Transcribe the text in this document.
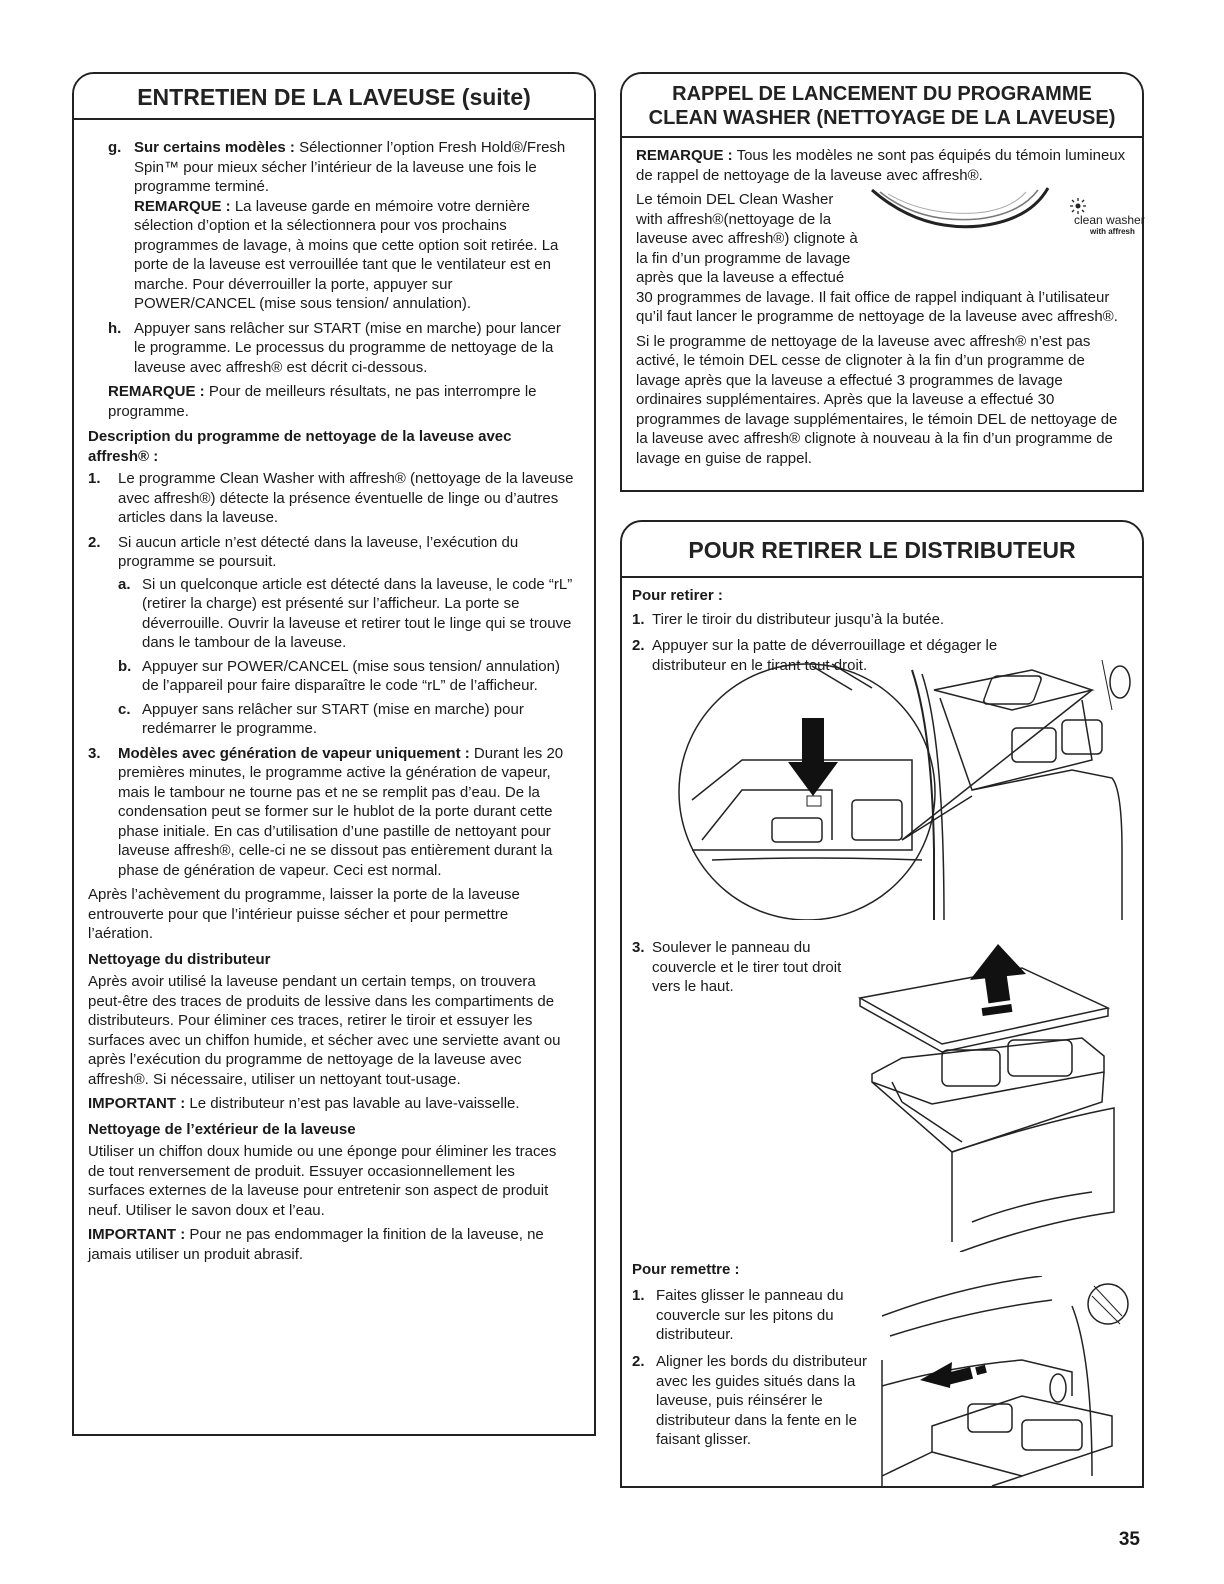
ENTRETIEN DE LA LAVEUSE (suite)
g. Sur certains modèles : Sélectionner l’option Fresh Hold®/Fresh Spin™ pour mieux sécher l’intérieur de la laveuse une fois le programme terminé.
REMARQUE : La laveuse garde en mémoire votre dernière sélection d’option et la sélectionnera pour vos prochains programmes de lavage, à moins que cette option soit retirée. La porte de la laveuse est verrouillée tant que le ventilateur est en marche. Pour déverrouiller la porte, appuyer sur POWER/CANCEL (mise sous tension/ annulation).
h. Appuyer sans relâcher sur START (mise en marche) pour lancer le programme. Le processus du programme de nettoyage de la laveuse avec affresh® est décrit ci-dessous.

REMARQUE : Pour de meilleurs résultats, ne pas interrompre le programme.

Description du programme de nettoyage de la laveuse avec affresh® :
1.	Le programme Clean Washer with affresh® (nettoyage de la laveuse avec affresh®) détecte la présence éventuelle de linge ou d’autres articles dans la laveuse.
2.	Si aucun article n’est détecté dans la laveuse, l’exécution du programme se poursuit.
a. Si un quelconque article est détecté dans la laveuse, le code “rL” (retirer la charge) est présenté sur l’afficheur. La porte se déverrouille. Ouvrir la laveuse et retirer tout le linge qui se trouve dans le tambour de la laveuse.
b. Appuyer sur POWER/CANCEL (mise sous tension/ annulation) de l’appareil pour faire disparaître le code “rL” de l’afficheur.
c. Appuyer sans relâcher sur START (mise en marche) pour redémarrer le programme.
3.	Modèles avec génération de vapeur uniquement : Durant les 20 premières minutes, le programme active la génération de vapeur, mais le tambour ne tourne pas et ne se remplit pas d’eau. De la condensation peut se former sur le hublot de la porte durant cette phase initiale. En cas d’utilisation d’une pastille de nettoyant pour laveuse affresh®, celle-ci ne se dissout pas entièrement durant la phase de génération de vapeur. Ceci est normal.

Après l’achèvement du programme, laisser la porte de la laveuse entrouverte pour que l’intérieur puisse sécher et pour permettre l’aération.

Nettoyage du distributeur

Après avoir utilisé la laveuse pendant un certain temps, on trouvera peut-être des traces de produits de lessive dans les compartiments de distributeurs. Pour éliminer ces traces, retirer le tiroir et essuyer les surfaces avec un chiffon humide, et sécher avec une serviette avant ou après l’exécution du programme de nettoyage de la laveuse avec affresh®. Si nécessaire, utiliser un nettoyant tout-usage.

IMPORTANT : Le distributeur n’est pas lavable au lave-vaisselle.

Nettoyage de l’extérieur de la laveuse

Utiliser un chiffon doux humide ou une éponge pour éliminer les traces de tout renversement de produit. Essuyer occasionnellement les surfaces externes de la laveuse pour entretenir son aspect de produit neuf. Utiliser le savon doux et l’eau.

IMPORTANT : Pour ne pas endommager la finition de la laveuse, ne jamais utiliser un produit abrasif.

RAPPEL DE LANCEMENT DU PROGRAMME
CLEAN WASHER (NETTOYAGE DE LA LAVEUSE)

REMARQUE : Tous les modèles ne sont pas équipés du témoin lumineux de rappel de nettoyage de la laveuse avec affresh®.

clean washer
with affresh

Le témoin DEL Clean Washer with affresh®(nettoyage de la laveuse avec affresh®) clignote à la fin d’un programme de lavage après que la laveuse a effectué

30 programmes de lavage. Il fait office de rappel indiquant à l’utilisateur qu’il faut lancer le programme de nettoyage de la laveuse avec affresh®.

Si le programme de nettoyage de la laveuse avec affresh® n’est pas activé, le témoin DEL cesse de clignoter à la fin d’un programme de lavage après que la laveuse a effectué 3 programmes de lavage ordinaires supplémentaires. Après que la laveuse a effectué 30 programmes de lavage supplémentaires, le témoin DEL de nettoyage de la laveuse avec affresh® clignote à nouveau à la fin d’un programme de lavage en guise de rappel.

POUR RETIRER LE DISTRIBUTEUR
Pour retirer :
1. Tirer le tiroir du distributeur jusqu’à la butée.
2. Appuyer sur la patte de déverrouillage et dégager le distributeur en le tirant tout droit.
3. Soulever le panneau du couvercle et le tirer tout droit vers le haut.
Pour remettre :
1. Faites glisser le panneau du couvercle sur les pitons du distributeur.
2. Aligner les bords du distributeur avec les guides situés dans la laveuse, puis réinsérer le distributeur dans la fente en le faisant glisser.
35
